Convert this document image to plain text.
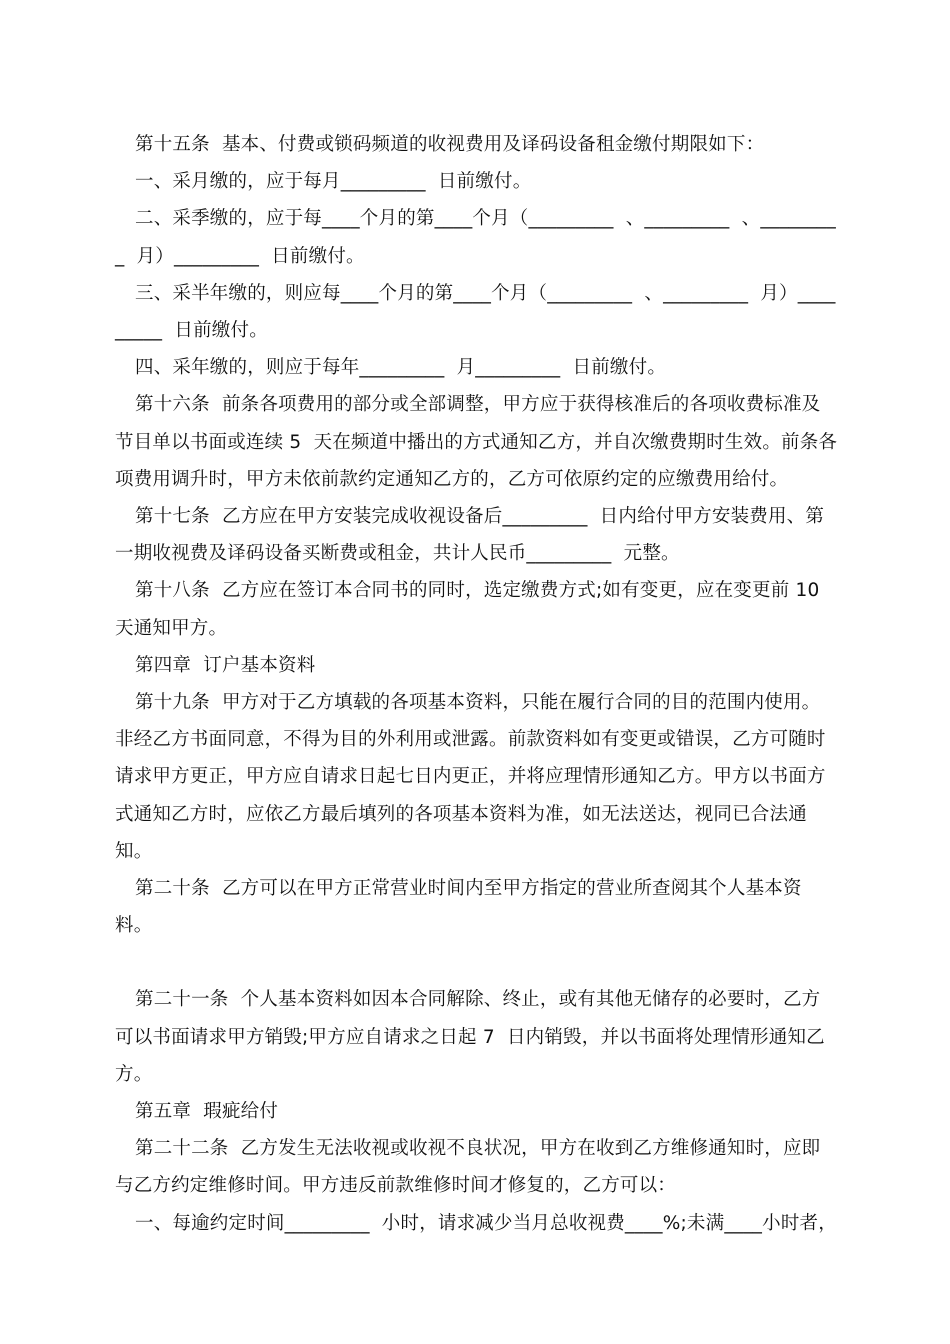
第十五条  基本、付费或锁码频道的收视费用及译码设备租金缴付期限如下：

一、采月缴的，应于每月_________  日前缴付。

二、采季缴的，应于每____个月的第____个月（_________  、_________  、_________  月）_________  日前缴付。

三、采半年缴的，则应每____个月的第____个月（_________  、_________  月）_________  日前缴付。

四、采年缴的，则应于每年_________  月_________  日前缴付。

第十六条  前条各项费用的部分或全部调整，甲方应于获得核准后的各项收费标准及节目单以书面或连续 5  天在频道中播出的方式通知乙方，并自次缴费期时生效。前条各项费用调升时，甲方未依前款约定通知乙方的，乙方可依原约定的应缴费用给付。

第十七条  乙方应在甲方安装完成收视设备后_________  日内给付甲方安装费用、第一期收视费及译码设备买断费或租金，共计人民币_________  元整。

第十八条  乙方应在签订本合同书的同时，选定缴费方式;如有变更，应在变更前 10 天通知甲方。

第四章  订户基本资料

第十九条  甲方对于乙方填载的各项基本资料，只能在履行合同的目的范围内使用。非经乙方书面同意，不得为目的外利用或泄露。前款资料如有变更或错误，乙方可随时请求甲方更正，甲方应自请求日起七日内更正，并将应理情形通知乙方。甲方以书面方式通知乙方时，应依乙方最后填列的各项基本资料为准，如无法送达，视同已合法通知。

第二十条  乙方可以在甲方正常营业时间内至甲方指定的营业所查阅其个人基本资料。

第二十一条  个人基本资料如因本合同解除、终止，或有其他无储存的必要时，乙方可以书面请求甲方销毁;甲方应自请求之日起 7  日内销毁，并以书面将处理情形通知乙方。

第五章  瑕疵给付

第二十二条  乙方发生无法收视或收视不良状况，甲方在收到乙方维修通知时，应即与乙方约定维修时间。甲方违反前款维修时间才修复的，乙方可以：

一、每逾约定时间_________  小时，请求减少当月总收视费____%;未满____小时者，
